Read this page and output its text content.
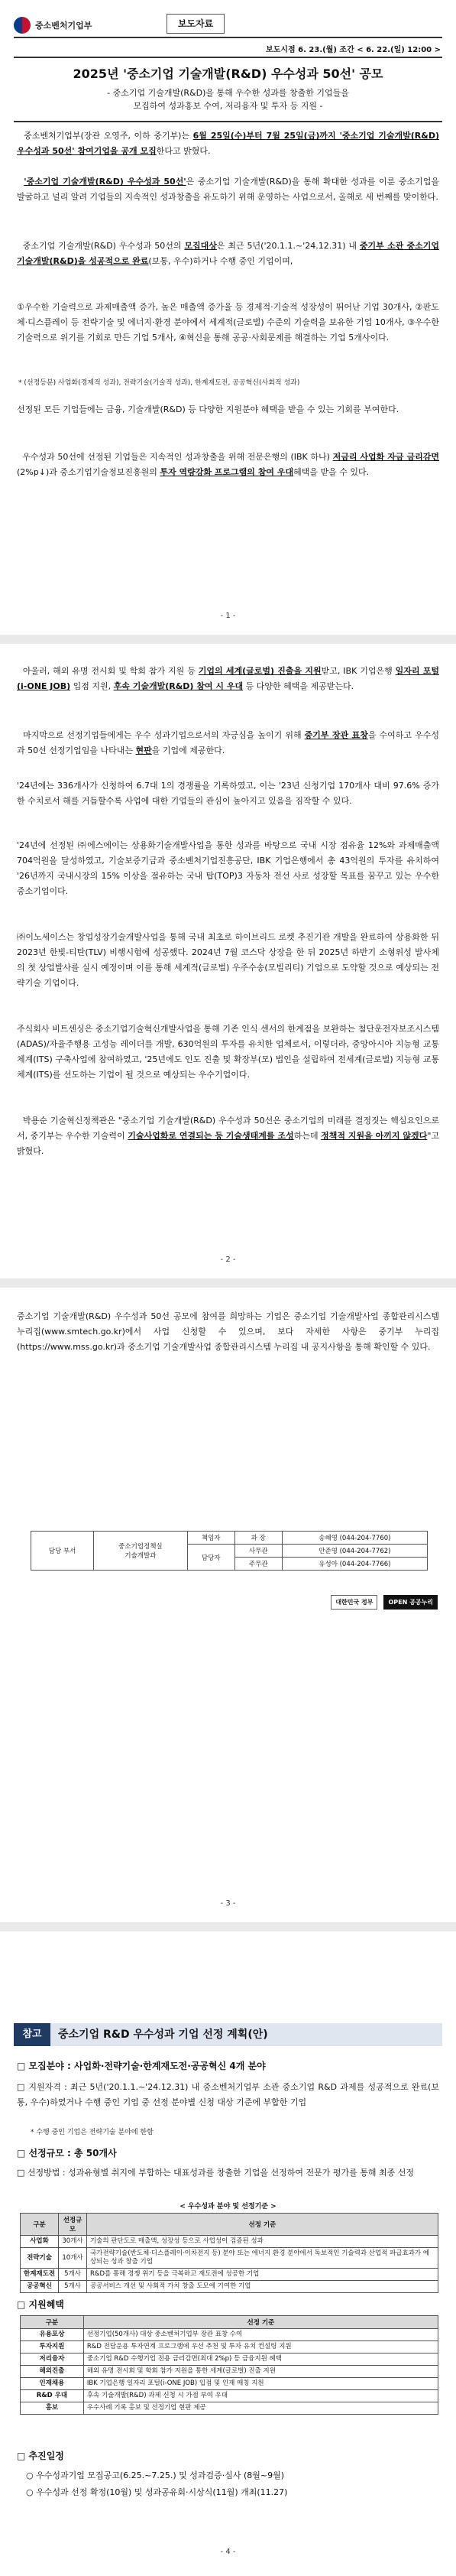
중소벤처기업부	보도자료
보도시점 6. 23.(월) 조간 < 6. 22.(일) 12:00 >
2025년 '중소기업 기술개발(R&D) 우수성과 50선' 공모
- 중소기업 기술개발(R&D)을 통해 우수한 성과를 창출한 기업들을
모집하여 성과홍보 수여, 저리융자 및 투자 등 지원 -
중소벤처기업부(장관 오영주, 이하 중기부)는 6월 25일(수)부터 7월 25일(금)까지 '중소기업 기술개발(R&D) 우수성과 50선' 참여기업을 공개 모집한다고 밝혔다.
'중소기업 기술개발(R&D) 우수성과 50선'은 중소기업 기술개발(R&D)을 통해 확대한 성과를 이룬 중소기업을 발굴하고 널리 알려 기업들의 지속적인 성과창출을 유도하기 위해 운영하는 사업으로서, 올해로 세 번째를 맞이한다.
중소기업 기술개발(R&D) 우수성과 50선의 모집대상은 최근 5년('20.1.1.~'24.12.31) 내 중기부 소관 중소기업 기술개발(R&D)을 성공적으로 완료(보통, 우수)하거나 수행 중인 기업이며,
①우수한 기술력으로 과제매출액 증가, 높은 매출액 증가율 등 경제적·기술적 성장성이 뛰어난 기업 30개사, ②판도체·디스플레이 등 전략기술 및 에너지·환경 분야에서 세계적(글로벌) 수준의 기술력을 보유한 기업 10개사, ③우수한 기술력으로 위기를 기회로 만든 기업 5개사, ④혁신을 통해 공공·사회문제를 해결하는 기업 5개사이다.
* (선정등분) 사업화(경제적 성과), 전략기술(기술적 성과), 한계재도전, 공공혁신(사회적 성과)
선정된 모든 기업들에는 금융, 기술개발(R&D) 등 다양한 지원분야 혜택을 받을 수 있는 기회를 부여한다.
우수성과 50선에 선정된 기업들은 지속적인 성과창출을 위해 전문은행의 (IBK 하나) 저금리 사업화 자금 금리감면(2%p↓)과 중소기업기술정보진흥원의 투자 역량강화 프로그램의 참여 우대혜택을 받을 수 있다.
- 1 -
아울러, 해외 유명 전시회 및 학회 참가 지원 등 기업의 세계(글로벌) 진출을 지원받고, IBK 기업은행 일자리 포털(i-ONE JOB) 입점 지원, 후속 기술개발(R&D) 참여 시 우대 등 다양한 혜택을 제공받는다.
마지막으로 선정기업들에게는 우수 성과기업으로서의 자긍심을 높이기 위해 중기부 장관 표창을 수여하고 우수성과 50선 선정기업임을 나타내는 현판을 기업에 제공한다.
'24년에는 336개사가 신청하여 6.7대 1의 경쟁률을 기록하였고, 이는 '23년 신청기업 170개사 대비 97.6% 증가한 수치로서 해를 거듭할수록 사업에 대한 기업들의 관심이 높아지고 있음을 짐작할 수 있다.
'24년에 선정된 ㈜에스에이는 상용화기술개발사업을 통한 성과를 바탕으로 국내 시장 점유율 12%와 과제매출액 704억원을 달성하였고, 기술보증기금과 중소벤처기업진흥공단, IBK 기업은행에서 총 43억원의 투자를 유치하여 '26년까지 국내시장의 15% 이상을 점유하는 국내 탑(TOP)3 자동차 전선 사로 성장할 목표를 꿈꾸고 있는 우수한 중소기업이다.
㈜이노세이스는 창업성장기술개발사업을 통해 국내 최초로 하이브리드 로켓 추진기관 개발을 완료하여 상용화한 뒤 2023년 한빛-티탄(TLV) 비행시험에 성공했다. 2024년 7월 코스닥 상장을 한 뒤 2025년 하반기 소형위성 발사체의 첫 상업발사를 실시 예정이며 이를 통해 세계적(글로벌) 우주수송(모빌리티) 기업으로 도약할 것으로 예상되는 전략기술 기업이다.
주식회사 비트센싱은 중소기업기술혁신개발사업을 통해 기존 인식 센서의 한계점을 보완하는 첨단운전자보조시스템(ADAS)/자율주행용 고성능 레이더를 개발, 630억원의 투자를 유치한 업체로서, 이렇더라, 중앙아시아 지능형 교통체계(ITS) 구축사업에 참여하였고, '25년에도 인도 진출 및 확장부(모) 법인을 설립하여 전세계(글로벌) 지능형 교통체계(ITS)를 선도하는 기업이 될 것으로 예상되는 우수기업이다.
박용순 기술혁신정책관은 "중소기업 기술개발(R&D) 우수성과 50선은 중소기업의 미래를 결정짓는 핵심요인으로서, 중기부는 우수한 기술력이 기술사업화로 연결되는 등 기술생태계를 조성하는데 정책적 지원을 아끼지 않겠다"고 밝혔다.
- 2 -
중소기업 기술개발(R&D) 우수성과 50선 공모에 참여를 희망하는 기업은 중소기업 기술개발사업 종합관리시스템 누리집(www.smtech.go.kr)에서 사업 신청할 수 있으며, 보다 자세한 사항은 중기부 누리집(https://www.mss.go.kr)과 중소기업 기술개발사업 종합관리시스템 누리집 내 공지사항을 통해 확인할 수 있다.
담당 부서	중소기업정책실
기술개발과	책임자	과 장	송혜영 (044-204-7760)
		담당자	사무관	안준영 (044-204-7762)
			주무관	유성아 (044-204-7766)
대한민국 정부	OPEN 공공누리
- 3 -
참고	중소기업 R&D 우수성과 기업 선정 계획(안)
□ 모집분야 : 사업화·전략기술·한계재도전·공공혁신 4개 분야
□ 지원자격 : 최근 5년('20.1.1.~'24.12.31) 내 중소벤처기업부 소관 중소기업 R&D 과제를 성공적으로 완료(보통, 우수)하였거나 수행 중인 기업 중 선정 분야별 신청 대상 기준에 부합한 기업
* 수행 중인 기업은 전략기술 분야에 한함
□ 선정규모 : 총 50개사
□ 선정방법 : 성과유형별 취지에 부합하는 대표성과를 창출한 기업을 선정하여 전문가 평가를 통해 최종 선정
< 우수성과 분야 및 선정기준 >
구분	선정규모	선정 기준
사업화	30개사	기술의 판단도로 매출액, 성장성 등으로 사업성이 검증된 성과
전략기술	10개사	국가전략기술(반도체·디스플레이·이차전지 등) 분야 또는 에너지 환경 분야에서 독보적인 기술력과 산업적 파급효과가 예상되는 성과 창출 기업
한계재도전	5개사	R&D를 통해 경쟁 위기 등을 극복하고 재도전에 성공한 기업
공공혁신	5개사	공공서비스 개선 및 사회적 가치 창출 도모에 기여한 기업
□ 지원혜택
구분	선정 기준
유용포상	선정기업(50개사) 대상 중소벤처기업부 장관 표창 수여
투자지원	R&D 전담운용 투자연계 프로그램에 우선 추천 및 투자 유치 컨설팅 지원
저리융자	중소기업 R&D 수행기업 전용 금리감면(최대 2%p) 등 금융지원 혜택
해외진출	해외 유명 전시회 및 학회 참가 지원을 통한 세계(글로벌) 진출 지원
인재채용	IBK 기업은행 일자리 포털(i-ONE JOB) 입점 및 인재 매칭 지원
R&D 우대	후속 기술개발(R&D) 과제 신청 시 가점 부여 우대
홍보	우수사례 기록 홍보 및 선정기업 현판 제공
□ 추진일정
○ 우수성과기업 모집공고(6.25.~7.25.) 및 성과검증·심사 (8월~9월)
○ 우수성과 선정 확정(10월) 및 성과공유회·시상식(11월) 개최(11.27)
- 4 -
